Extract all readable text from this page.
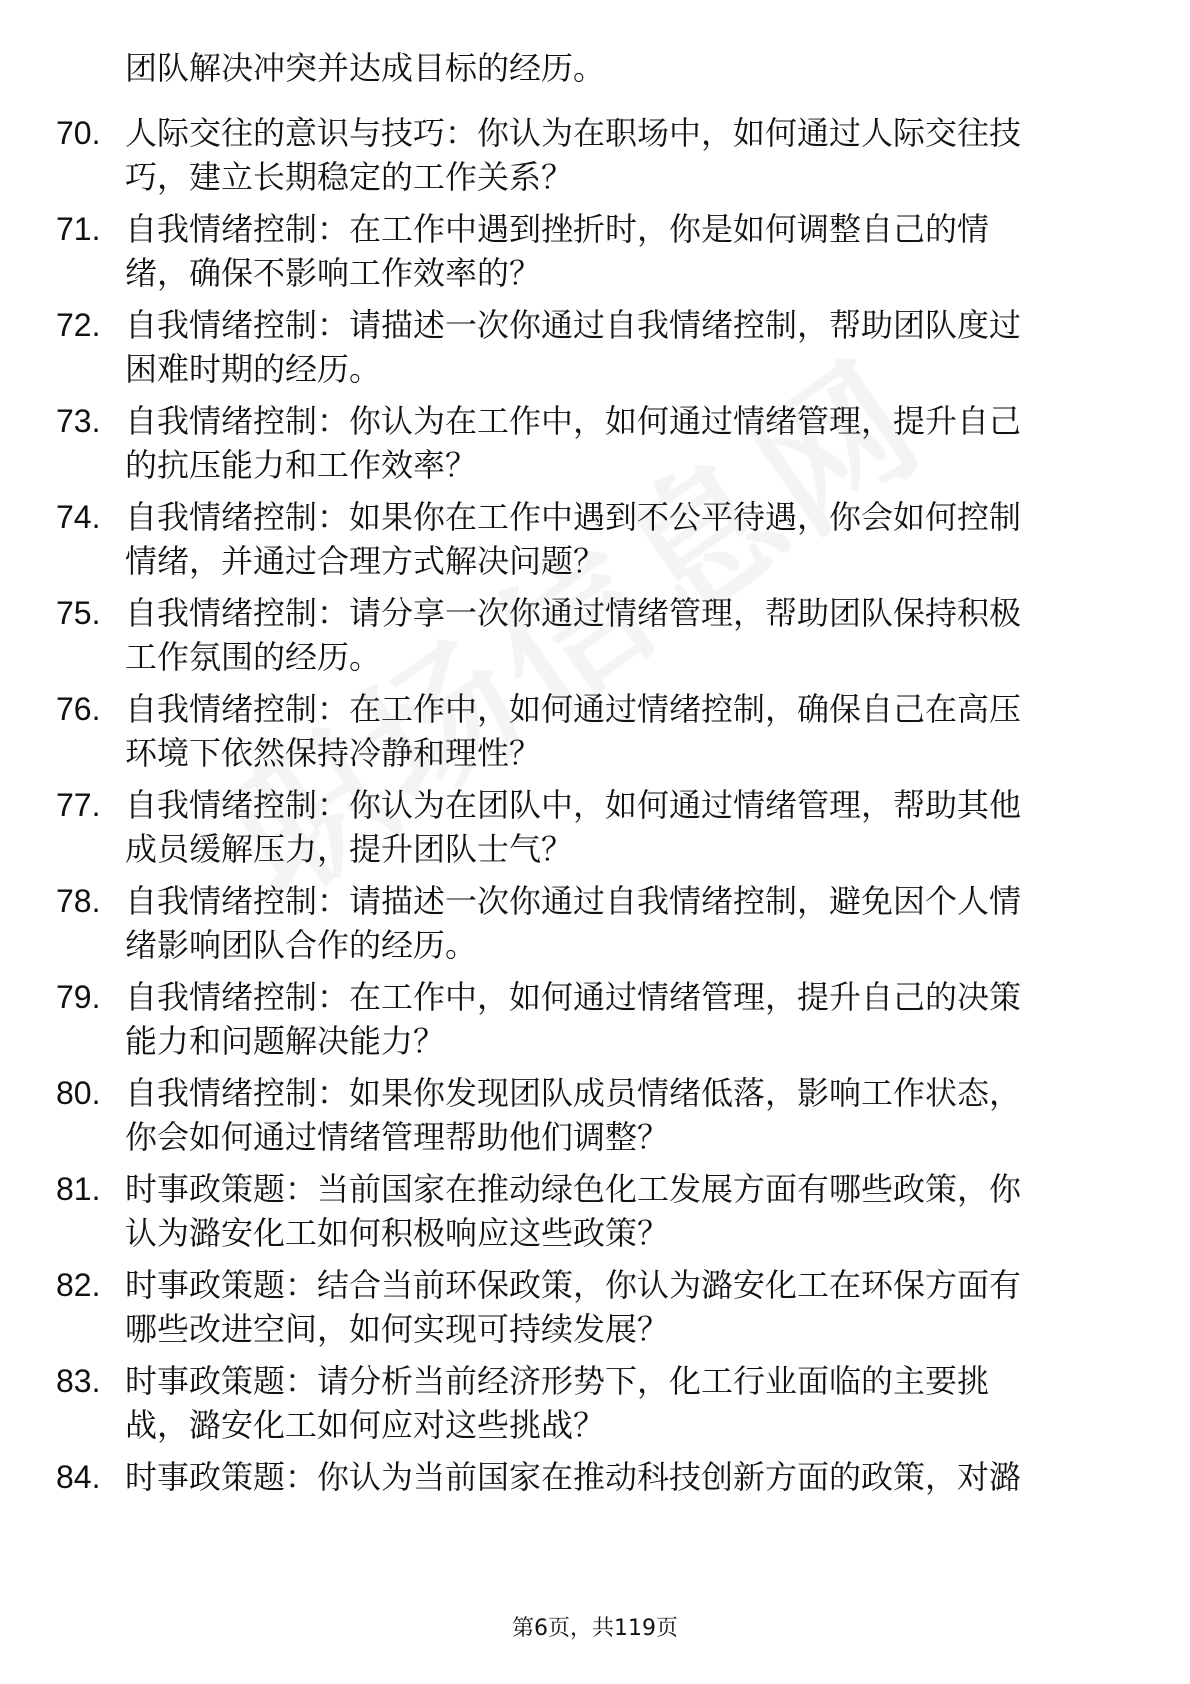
团队解决冲突并达成目标的经历。
70. 人际交往的意识与技巧：你认为在职场中，如何通过人际交往技
巧，建立长期稳定的工作关系？
71. 自我情绪控制：在工作中遇到挫折时，你是如何调整自己的情
绪，确保不影响工作效率的？
72. 自我情绪控制：请描述一次你通过自我情绪控制，帮助团队度过
困难时期的经历。
73. 自我情绪控制：你认为在工作中，如何通过情绪管理，提升自己
的抗压能力和工作效率？
74. 自我情绪控制：如果你在工作中遇到不公平待遇，你会如何控制
情绪，并通过合理方式解决问题？
75. 自我情绪控制：请分享一次你通过情绪管理，帮助团队保持积极
工作氛围的经历。
76. 自我情绪控制：在工作中，如何通过情绪控制，确保自己在高压
环境下依然保持冷静和理性？
77. 自我情绪控制：你认为在团队中，如何通过情绪管理，帮助其他
成员缓解压力，提升团队士气？
78. 自我情绪控制：请描述一次你通过自我情绪控制，避免因个人情
绪影响团队合作的经历。
79. 自我情绪控制：在工作中，如何通过情绪管理，提升自己的决策
能力和问题解决能力？
80. 自我情绪控制：如果你发现团队成员情绪低落，影响工作状态，
你会如何通过情绪管理帮助他们调整？
81. 时事政策题：当前国家在推动绿色化工发展方面有哪些政策，你
认为潞安化工如何积极响应这些政策？
82. 时事政策题：结合当前环保政策，你认为潞安化工在环保方面有
哪些改进空间，如何实现可持续发展？
83. 时事政策题：请分析当前经济形势下，化工行业面临的主要挑
战，潞安化工如何应对这些挑战？
84. 时事政策题：你认为当前国家在推动科技创新方面的政策，对潞
第6页，共119页
